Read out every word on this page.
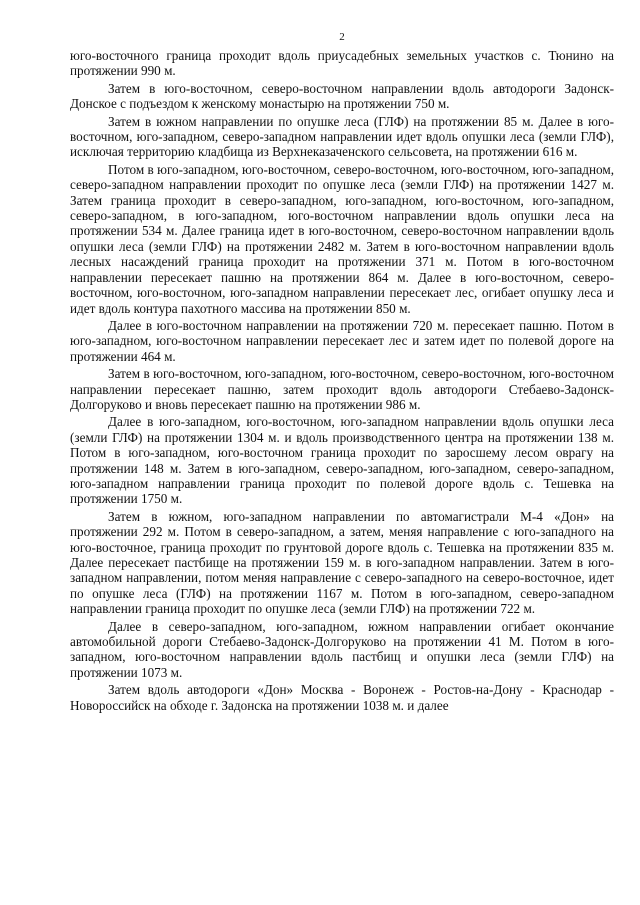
2

юго-восточного граница проходит вдоль приусадебных земельных участков с. Тюнино на протяжении 990 м.

Затем в юго-восточном, северо-восточном направлении вдоль автодороги Задонск-Донское с подъездом к женскому монастырю на протяжении 750 м.

Затем в южном направлении по опушке леса (ГЛФ) на протяжении 85 м. Далее в юго-восточном, юго-западном, северо-западном направлении идет вдоль опушки леса (земли ГЛФ), исключая территорию кладбища из Верхнеказаченского сельсовета, на протяжении 616 м.

Потом в юго-западном, юго-восточном, северо-восточном, юго-восточном, юго-западном, северо-западном направлении проходит по опушке леса (земли ГЛФ) на протяжении 1427 м. Затем граница проходит в северо-западном, юго-западном, юго-восточном, юго-западном, северо-западном, в юго-западном, юго-восточном направлении вдоль опушки леса на протяжении 534 м. Далее граница идет в юго-восточном, северо-восточном направлении вдоль опушки леса (земли ГЛФ) на протяжении 2482 м. Затем в юго-восточном направлении вдоль лесных насаждений граница проходит на протяжении 371 м. Потом в юго-восточном направлении пересекает пашню на протяжении 864 м. Далее в юго-восточном, северо-восточном, юго-восточном, юго-западном направлении пересекает лес, огибает опушку леса и идет вдоль контура пахотного массива на протяжении 850 м.

Далее в юго-восточном направлении на протяжении 720 м. пересекает пашню. Потом в юго-западном, юго-восточном направлении пересекает лес и затем идет по полевой дороге на протяжении 464 м.

Затем в юго-восточном, юго-западном, юго-восточном, северо-восточном, юго-восточном направлении пересекает пашню, затем проходит вдоль автодороги Стебаево-Задонск- Долгоруково и вновь пересекает пашню на протяжении 986 м.

Далее в юго-западном, юго-восточном, юго-западном направлении вдоль опушки леса (земли ГЛФ) на протяжении 1304 м. и вдоль производственного центра на протяжении 138 м. Потом в юго-западном, юго-восточном граница проходит по заросшему лесом оврагу на протяжении 148 м. Затем в юго-западном, северо-западном, юго-западном, северо-западном, юго-западном направлении граница проходит по полевой дороге вдоль с. Тешевка на протяжении 1750 м.

Затем в южном, юго-западном направлении по автомагистрали М-4 «Дон» на протяжении 292 м. Потом в северо-западном, а затем, меняя направление с юго-западного на юго-восточное, граница проходит по грунтовой дороге вдоль с. Тешевка на протяжении 835 м. Далее пересекает пастбище на протяжении 159 м. в юго-западном направлении. Затем в юго-западном направлении, потом меняя направление с северо-западного на северо-восточное, идет по опушке леса (ГЛФ) на протяжении 1167 м. Потом в юго-западном, северо-западном направлении граница проходит по опушке леса (земли ГЛФ) на протяжении 722 м.

Далее в северо-западном, юго-западном, южном направлении огибает окончание автомобильной дороги Стебаево-Задонск-Долгоруково на протяжении 41 М. Потом в юго-западном, юго-восточном направлении вдоль пастбищ и опушки леса (земли ГЛФ) на протяжении 1073 м.

Затем вдоль автодороги «Дон» Москва - Воронеж - Ростов-на-Дону - Краснодар - Новороссийск на обходе г. Задонска на протяжении 1038 м. и далее
